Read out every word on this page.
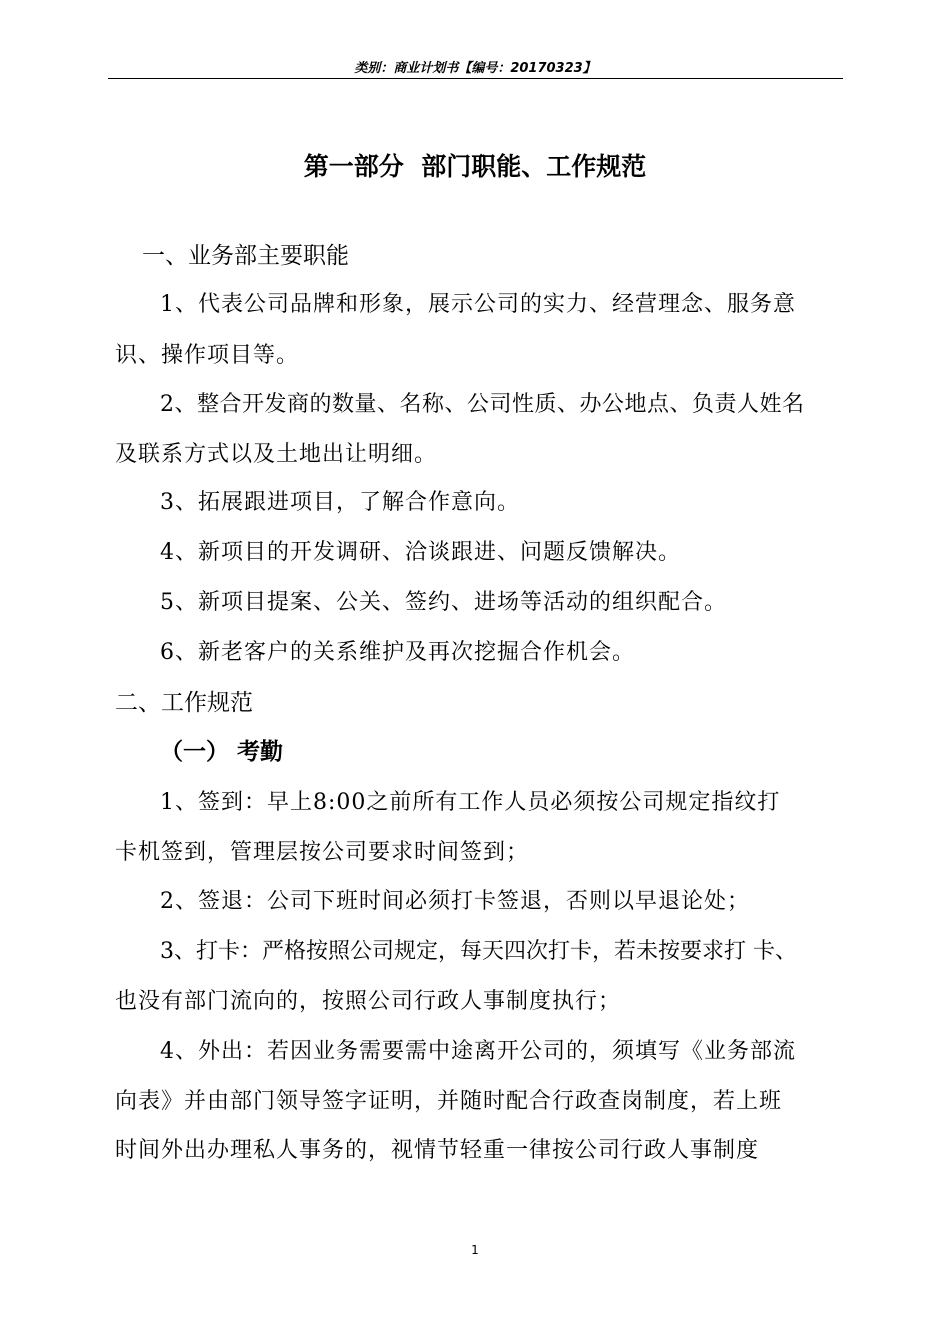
类别：商业计划书【编号：20170323】
第一部分  部门职能、工作规范
一、业务部主要职能
1、代表公司品牌和形象，展示公司的实力、经营理念、服务意
识、操作项目等。
2、整合开发商的数量、名称、公司性质、办公地点、负责人姓名
及联系方式以及土地出让明细。
3、拓展跟进项目，了解合作意向。
4、新项目的开发调研、洽谈跟进、问题反馈解决。
5、新项目提案、公关、签约、进场等活动的组织配合。
6、新老客户的关系维护及再次挖掘合作机会。
二、工作规范
（一） 考勤
1、签到：早上8:00之前所有工作人员必须按公司规定指纹打
卡机签到，管理层按公司要求时间签到；
2、签退：公司下班时间必须打卡签退，否则以早退论处；
3、打卡：严格按照公司规定，每天四次打卡，若未按要求打 卡、
也没有部门流向的，按照公司行政人事制度执行；
4、外出：若因业务需要需中途离开公司的，须填写《业务部流
向表》并由部门领导签字证明，并随时配合行政查岗制度，若上班
时间外出办理私人事务的，视情节轻重一律按公司行政人事制度
1
